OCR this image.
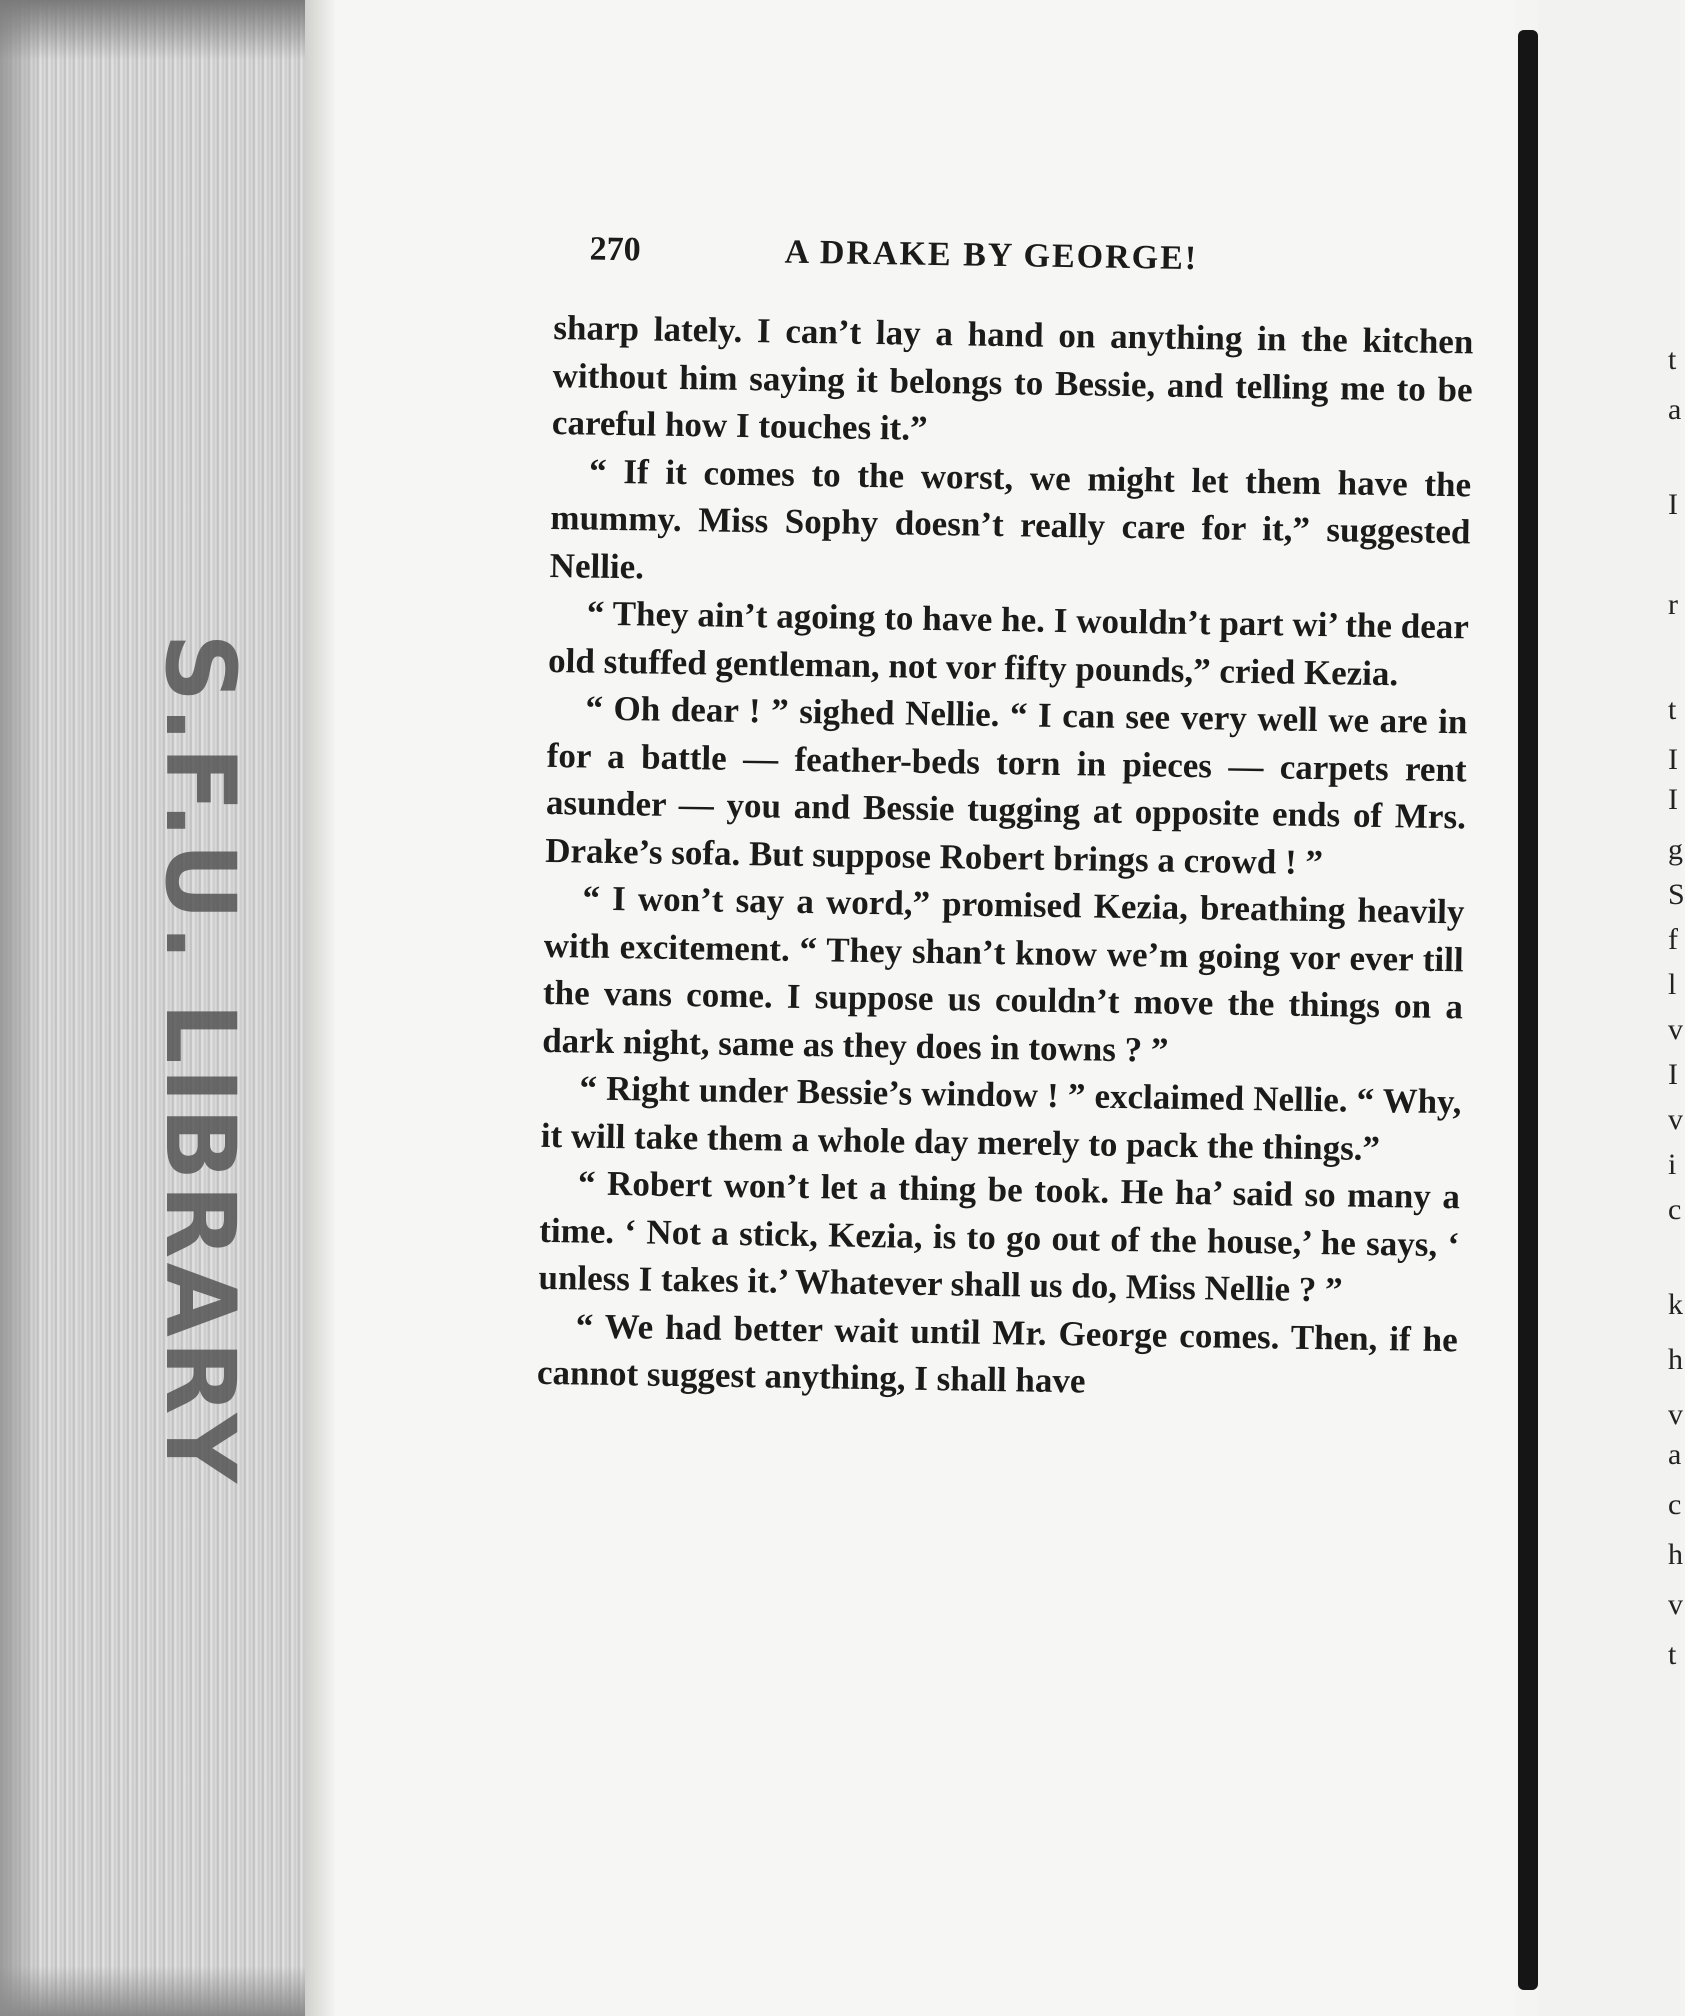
S.F.U. LIBRARY
t
a
I
r
t
I
I
g
S
f
l
v
I
v
i
c
k
h
v
a
c
h
v
t
270	A DRAKE BY GEORGE!

sharp lately. I can’t lay a hand on anything in the kitchen without him saying it belongs to Bessie, and telling me to be careful how I touches it.”

“ If it comes to the worst, we might let them have the mummy. Miss Sophy doesn’t really care for it,” suggested Nellie.

“ They ain’t agoing to have he. I wouldn’t part wi’ the dear old stuffed gentleman, not vor fifty pounds,” cried Kezia.

“ Oh dear ! ” sighed Nellie. “ I can see very well we are in for a battle — feather-beds torn in pieces — carpets rent asunder — you and Bessie tugging at opposite ends of Mrs. Drake’s sofa. But suppose Robert brings a crowd ! ”

“ I won’t say a word,” promised Kezia, breathing heavily with excitement. “ They shan’t know we’m going vor ever till the vans come. I suppose us couldn’t move the things on a dark night, same as they does in towns ? ”

“ Right under Bessie’s window ! ” exclaimed Nellie. “ Why, it will take them a whole day merely to pack the things.”

“ Robert won’t let a thing be took. He ha’ said so many a time. ‘ Not a stick, Kezia, is to go out of the house,’ he says, ‘ unless I takes it.’ Whatever shall us do, Miss Nellie ? ”

“ We had better wait until Mr. George comes. Then, if he cannot suggest anything, I shall have
